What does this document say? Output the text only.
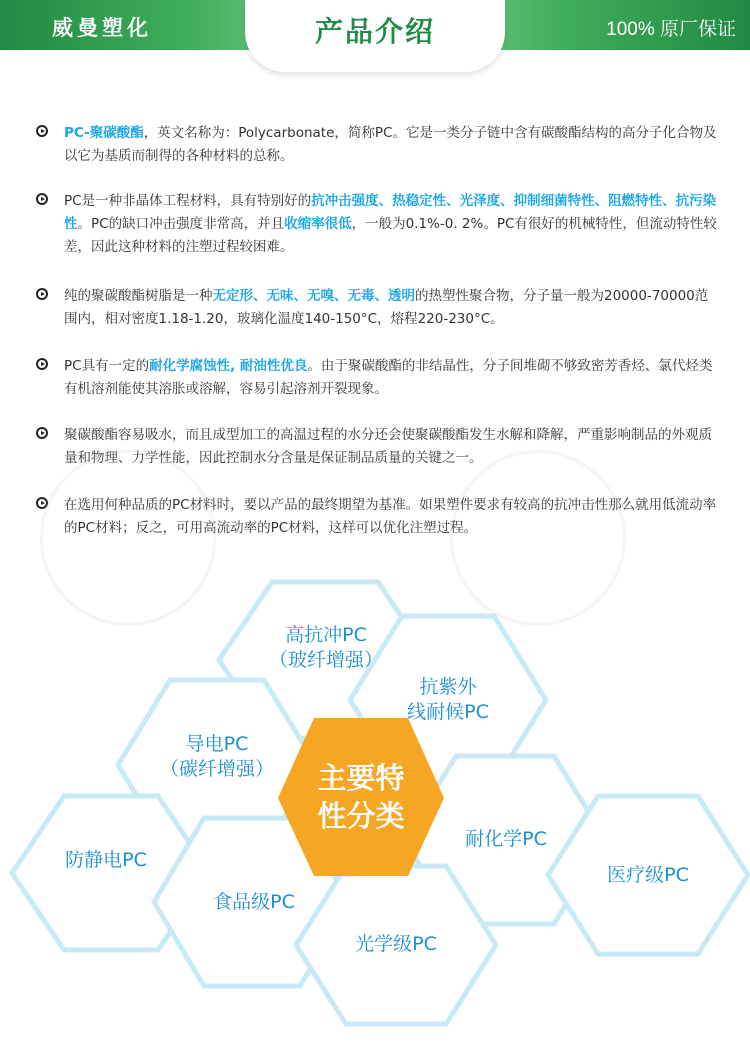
威曼塑化	100% 原厂保证
产品介绍
PC-聚碳酸酯，英文名称为：Polycarbonate，简称PC。它是一类分子链中含有碳酸酯结构的高分子化合物及以它为基质而制得的各种材料的总称。
PC是一种非晶体工程材料，具有特别好的抗冲击强度、热稳定性、光泽度、抑制细菌特性、阻燃特性、抗污染性。PC的缺口冲击强度非常高，并且收缩率很低，一般为0.1%-0. 2%。PC有很好的机械特性，但流动特性较差，因此这种材料的注塑过程较困难。
纯的聚碳酸酯树脂是一种无定形、无味、无嗅、无毒、透明的热塑性聚合物，分子量一般为20000-70000范围内，相对密度1.18-1.20，玻璃化温度140-150°C，熔程220-230°C。
PC具有一定的耐化学腐蚀性, 耐油性优良。由于聚碳酸酯的非结晶性，分子间堆砌不够致密芳香烃、氯代烃类有机溶剂能使其溶胀或溶解，容易引起溶剂开裂现象。
聚碳酸酯容易吸水，而且成型加工的高温过程的水分还会使聚碳酸酯发生水解和降解，严重影响制品的外观质量和物理、力学性能，因此控制水分含量是保证制品质量的关键之一。
在选用何种品质的PC材料时，要以产品的最终期望为基准。如果塑件要求有较高的抗冲击性那么就用低流动率的PC材料；反之，可用高流动率的PC材料，这样可以优化注塑过程。
高抗冲PC
（玻纤增强）
抗紫外
线耐候PC
导电PC
（碳纤增强）
防静电PC
耐化学PC
食品级PC
医疗级PC
光学级PC
主要特
性分类
